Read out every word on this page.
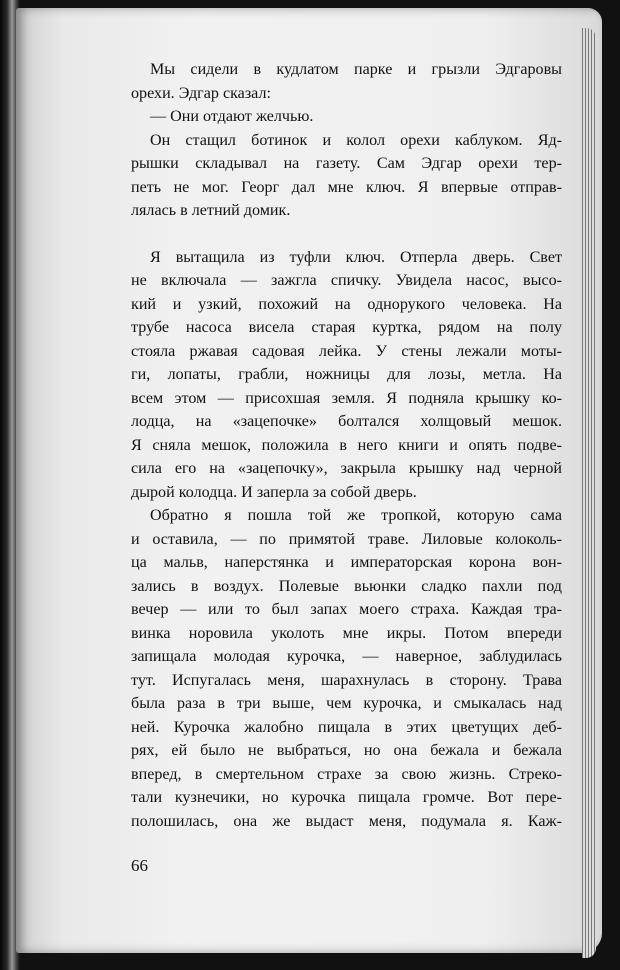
Мы сидели в кудлатом парке и грызли Эдгаровы
орехи. Эдгар сказал:
— Они отдают желчью.
Он стащил ботинок и колол орехи каблуком. Яд-
рышки складывал на газету. Сам Эдгар орехи тер-
петь не мог. Георг дал мне ключ. Я впервые отправ-
лялась в летний домик.
Я вытащила из туфли ключ. Отперла дверь. Свет
не включала — зажгла спичку. Увидела насос, высо-
кий и узкий, похожий на однорукого человека. На
трубе насоса висела старая куртка, рядом на полу
стояла ржавая садовая лейка. У стены лежали моты-
ги, лопаты, грабли, ножницы для лозы, метла. На
всем этом — присохшая земля. Я подняла крышку ко-
лодца, на «зацепочке» болтался холщовый мешок.
Я сняла мешок, положила в него книги и опять подве-
сила его на «зацепочку», закрыла крышку над черной
дырой колодца. И заперла за собой дверь.
Обратно я пошла той же тропкой, которую сама
и оставила, — по примятой траве. Лиловые колоколь-
ца мальв, наперстянка и императорская корона вон-
зались в воздух. Полевые вьюнки сладко пахли под
вечер — или то был запах моего страха. Каждая тра-
винка норовила уколоть мне икры. Потом впереди
запищала молодая курочка, — наверное, заблудилась
тут. Испугалась меня, шарахнулась в сторону. Трава
была раза в три выше, чем курочка, и смыкалась над
ней. Курочка жалобно пищала в этих цветущих деб-
рях, ей было не выбраться, но она бежала и бежала
вперед, в смертельном страхе за свою жизнь. Стреко-
тали кузнечики, но курочка пищала громче. Вот пере-
полошилась, она же выдаст меня, подумала я. Каж-
66
